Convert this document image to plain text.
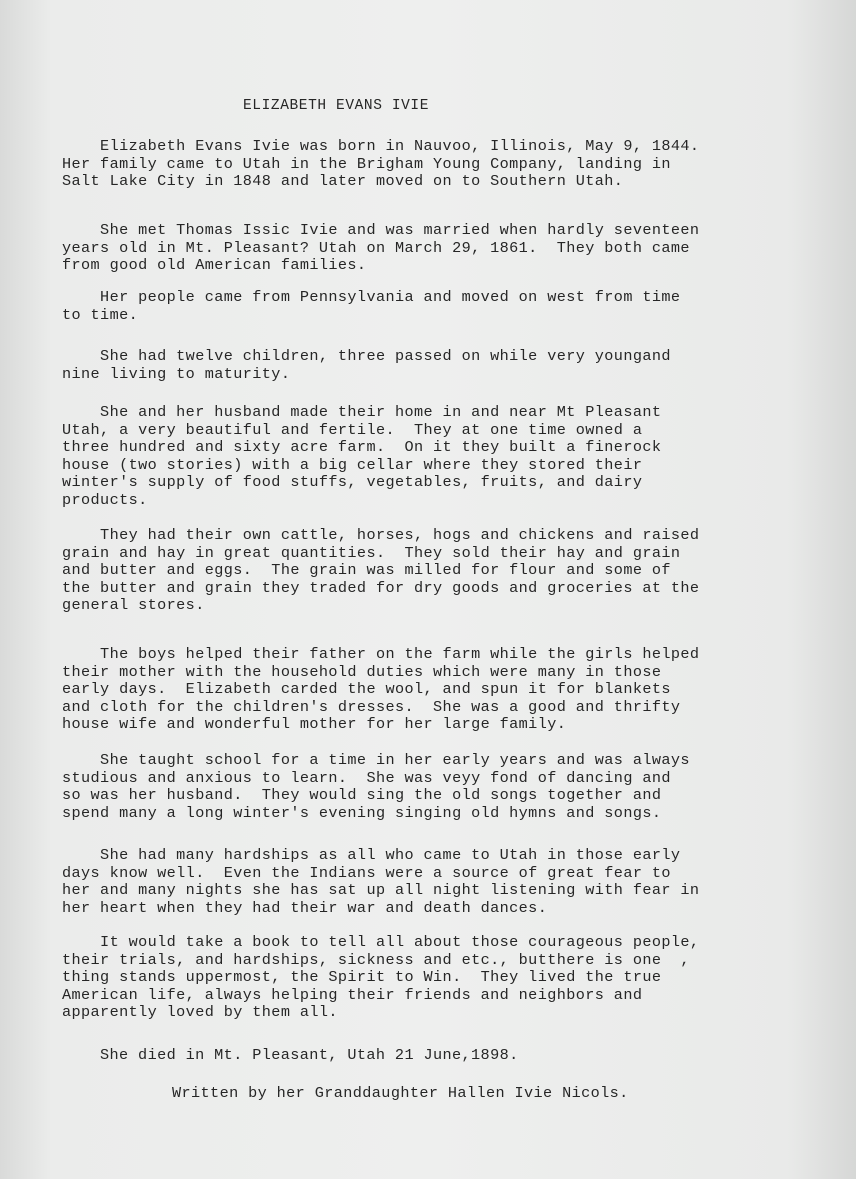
ELIZABETH EVANS IVIE
Elizabeth Evans Ivie was born in Nauvoo, Illinois, May 9, 1844.
Her family came to Utah in the Brigham Young Company, landing in
Salt Lake City in 1848 and later moved on to Southern Utah.
She met Thomas Issic Ivie and was married when hardly seventeen
years old in Mt. Pleasant? Utah on March 29, 1861.  They both came
from good old American families.
Her people came from Pennsylvania and moved on west from time
to time.
She had twelve children, three passed on while very youngand
nine living to maturity.
She and her husband made their home in and near Mt Pleasant
Utah, a very beautiful and fertile.  They at one time owned a
three hundred and sixty acre farm.  On it they built a finerock
house (two stories) with a big cellar where they stored their
winter's supply of food stuffs, vegetables, fruits, and dairy
products.
They had their own cattle, horses, hogs and chickens and raised
grain and hay in great quantities.  They sold their hay and grain
and butter and eggs.  The grain was milled for flour and some of
the butter and grain they traded for dry goods and groceries at the
general stores.
The boys helped their father on the farm while the girls helped
their mother with the household duties which were many in those
early days.  Elizabeth carded the wool, and spun it for blankets
and cloth for the children's dresses.  She was a good and thrifty
house wife and wonderful mother for her large family.
She taught school for a time in her early years and was always
studious and anxious to learn.  She was veyy fond of dancing and
so was her husband.  They would sing the old songs together and
spend many a long winter's evening singing old hymns and songs.
She had many hardships as all who came to Utah in those early
days know well.  Even the Indians were a source of great fear to
her and many nights she has sat up all night listening with fear in
her heart when they had their war and death dances.
It would take a book to tell all about those courageous people,
their trials, and hardships, sickness and etc., butthere is one  ,
thing stands uppermost, the Spirit to Win.  They lived the true
American life, always helping their friends and neighbors and
apparently loved by them all.

She died in Mt. Pleasant, Utah 21 June,1898.

Written by her Granddaughter Hallen Ivie Nicols.
